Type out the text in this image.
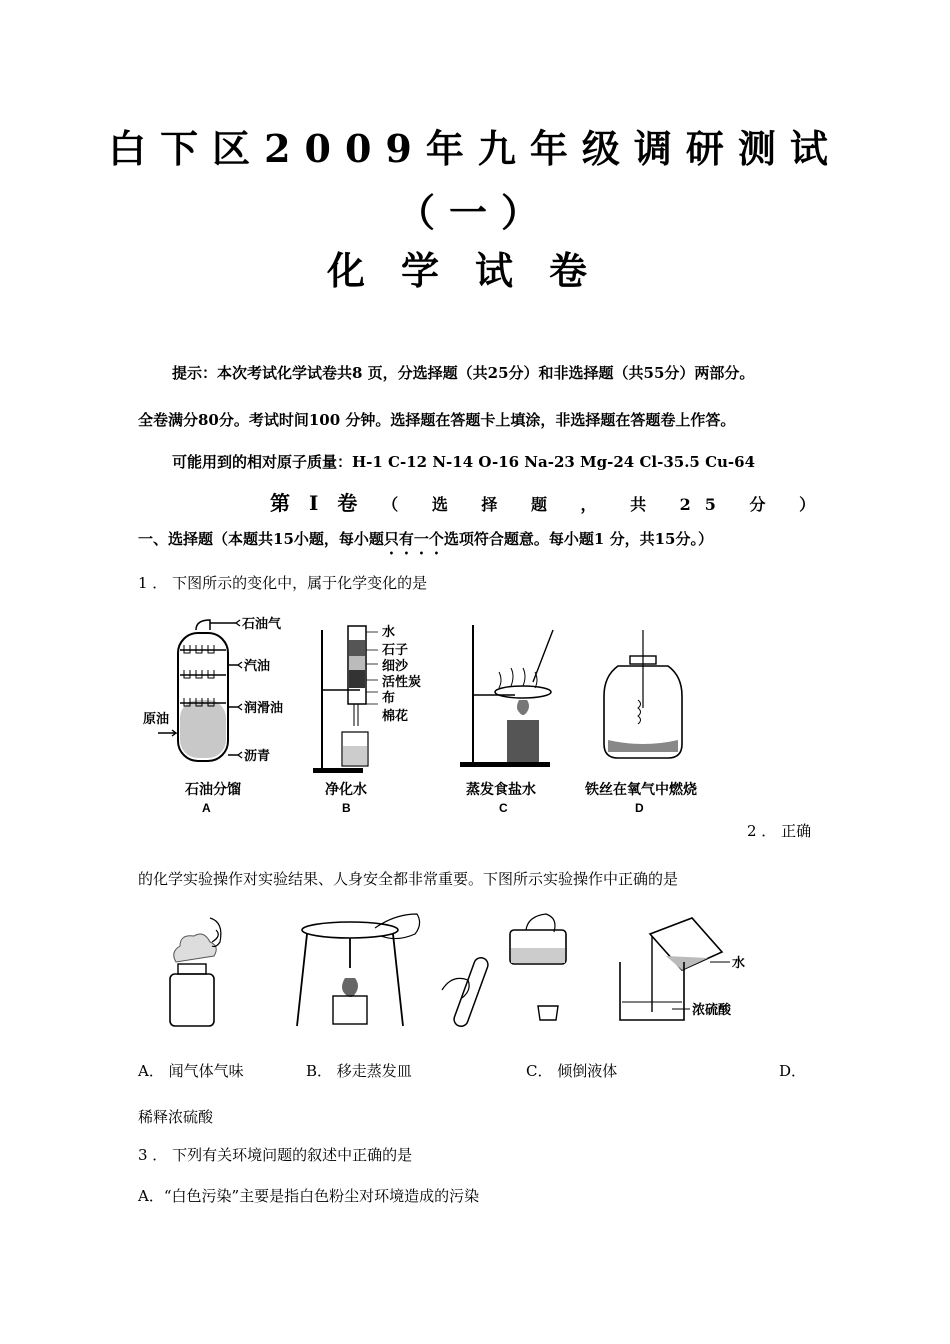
白下区2009年九年级调研测试
（一）
化学试卷
提示：本次考试化学试卷共8 页，分选择题（共25分）和非选择题（共55分）两部分。
全卷满分80分。考试时间100 分钟。选择题在答题卡上填涂，非选择题在答题卷上作答。
可能用到的相对原子质量：H-1 C-12 N-14 O-16 Na-23 Mg-24 Cl-35.5 Cu-64
第 Ⅰ 卷 （ 选 择 题 ， 共 25 分 ）
一、选择题（本题共15小题，每小题只有一个选项符合题意。每小题1 分，共15分。）
1 ． 下图所示的变化中，属于化学变化的是
石油气
汽油
润滑油
原油
沥青
水
石子
细沙
活性炭
布
棉花
石油分馏	净化水	蒸发食盐水	铁丝在氧气中燃烧
A	B	C	D
2 ． 正确
的化学实验操作对实验结果、人身安全都非常重要。下图所示实验操作中正确的是
水
浓硫酸
A． 闻气体气味	B． 移走蒸发皿	C． 倾倒液体	D．
稀释浓硫酸
3 ． 下列有关环境问题的叙述中正确的是
A．“白色污染”主要是指白色粉尘对环境造成的污染
